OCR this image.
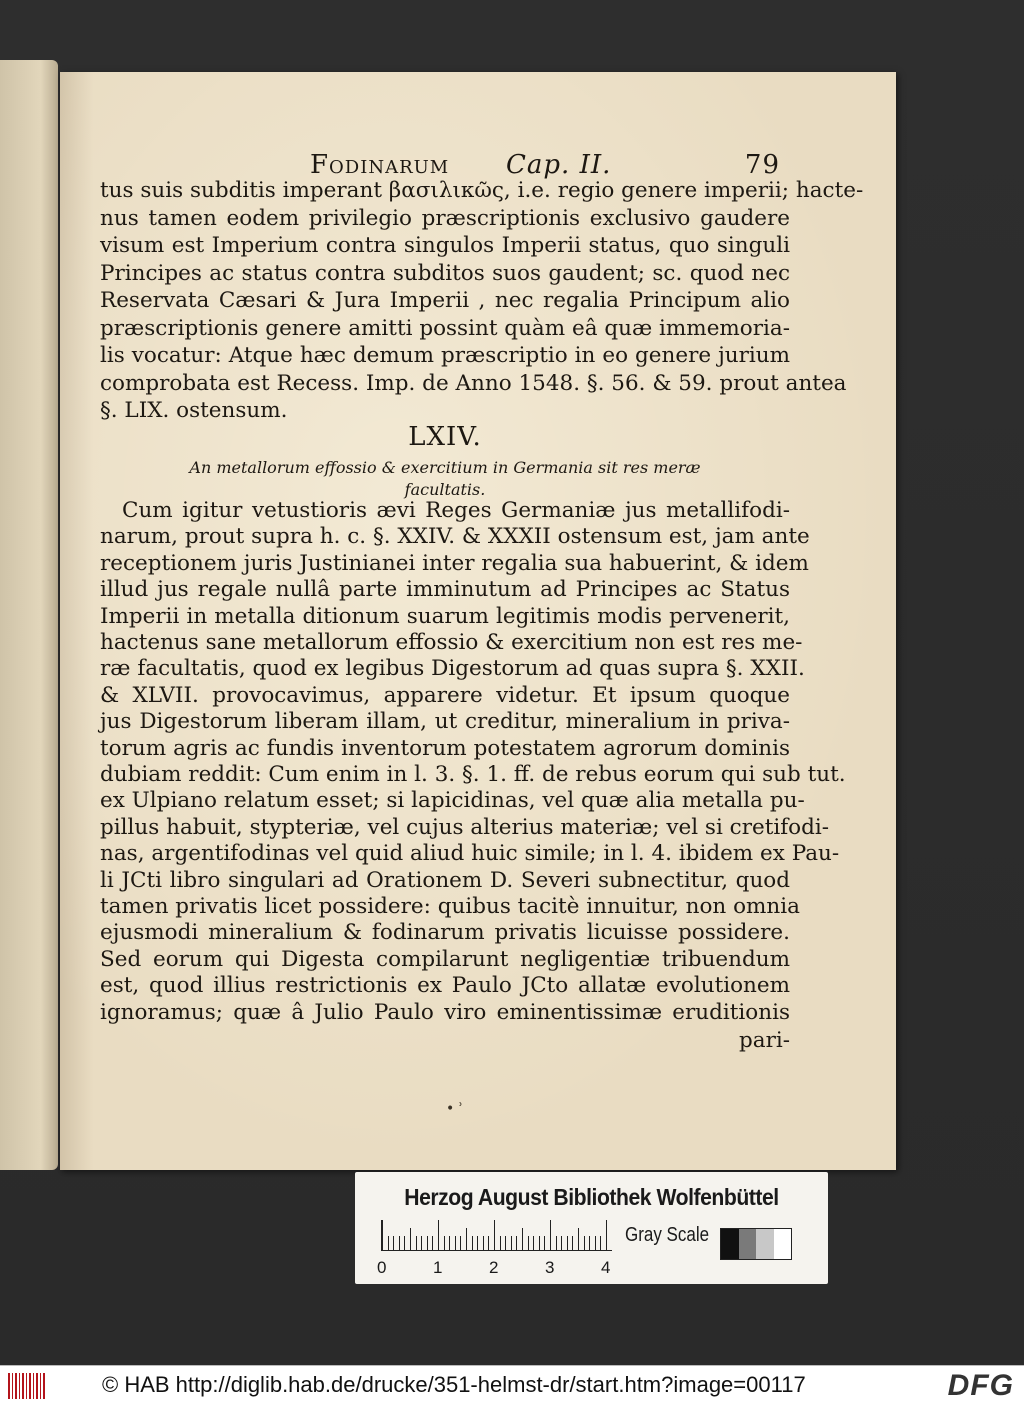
Fodinarum Cap. II.	79
tus suis subditis imperant βασιλικῶς, i.e. regio genere imperii; hacte-
nus tamen eodem privilegio præscriptionis exclusivo gaudere
visum est Imperium contra singulos Imperii status, quo singuli
Principes ac status contra subditos suos gaudent; sc. quod nec
Reservata Cæsari & Jura Imperii , nec regalia Principum alio
præscriptionis genere amitti possint quàm eâ quæ immemoria-
lis vocatur: Atque hæc demum præscriptio in eo genere jurium
comprobata est Recess. Imp. de Anno 1548. §. 56. & 59. prout antea
§. LIX. ostensum.
LXIV.
An metallorum effossio & exercitium in Germania sit res meræ
facultatis.
Cum igitur vetustioris ævi Reges Germaniæ jus metallifodi-
narum, prout supra h. c. §. XXIV. & XXXII ostensum est, jam ante
receptionem juris Justinianei inter regalia sua habuerint, & idem
illud jus regale nullâ parte imminutum ad Principes ac Status
Imperii in metalla ditionum suarum legitimis modis pervenerit,
hactenus sane metallorum effossio & exercitium non est res me-
ræ facultatis, quod ex legibus Digestorum ad quas supra §. XXII.
& XLVII. provocavimus, apparere videtur. Et ipsum quoque
jus Digestorum liberam illam, ut creditur, mineralium in priva-
torum agris ac fundis inventorum potestatem agrorum dominis
dubiam reddit: Cum enim in l. 3. §. 1. ff. de rebus eorum qui sub tut.
ex Ulpiano relatum esset; si lapicidinas, vel quæ alia metalla pu-
pillus habuit, stypteriæ, vel cujus alterius materiæ; vel si cretifodi-
nas, argentifodinas vel quid aliud huic simile; in l. 4. ibidem ex Pau-
li JCti libro singulari ad Orationem D. Severi subnectitur, quod
tamen privatis licet possidere: quibus tacitè innuitur, non omnia
ejusmodi mineralium & fodinarum privatis licuisse possidere.
Sed eorum qui Digesta compilarunt negligentiæ tribuendum
est, quod illius restrictionis ex Paulo JCto allatæ evolutionem
ignoramus; quæ â Julio Paulo viro eminentissimæ eruditionis
pari-
• ʾ
Herzog August Bibliothek Wolfenbüttel
0	1	2	3	4
Gray Scale
© HAB http://diglib.hab.de/drucke/351-helmst-dr/start.htm?image=00117	DFG
